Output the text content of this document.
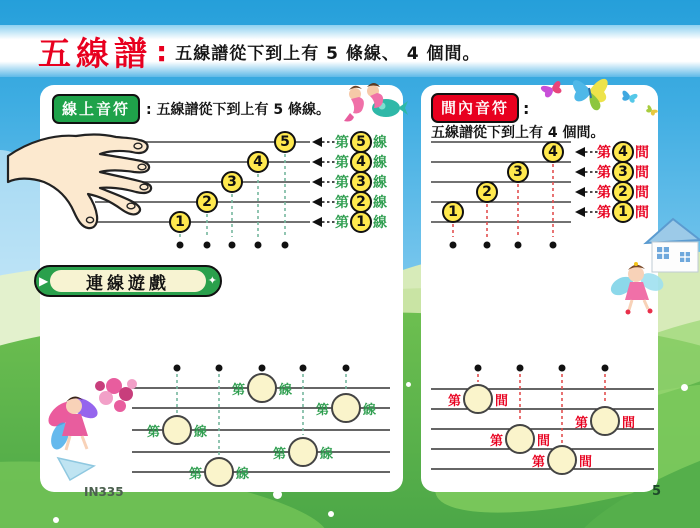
五線譜 : 五線譜從下到上有 5 條線、 4 個間。
線上音符	: 五線譜從下到上有 5 條線。
1
2
3
4
5	第 5 線
第 4 線
第 3 線
第 2 線
第 1 線
第	線
第	線
第	線
第	線
第	線
間內音符 :
五線譜從下到上有 4 個間。
1
2
3
4	第 4 間
第 3 間
第 2 間
第 1 間
第	間
第	間
第	間
第	間
▶	✦
連線遊戲
IN335	5
